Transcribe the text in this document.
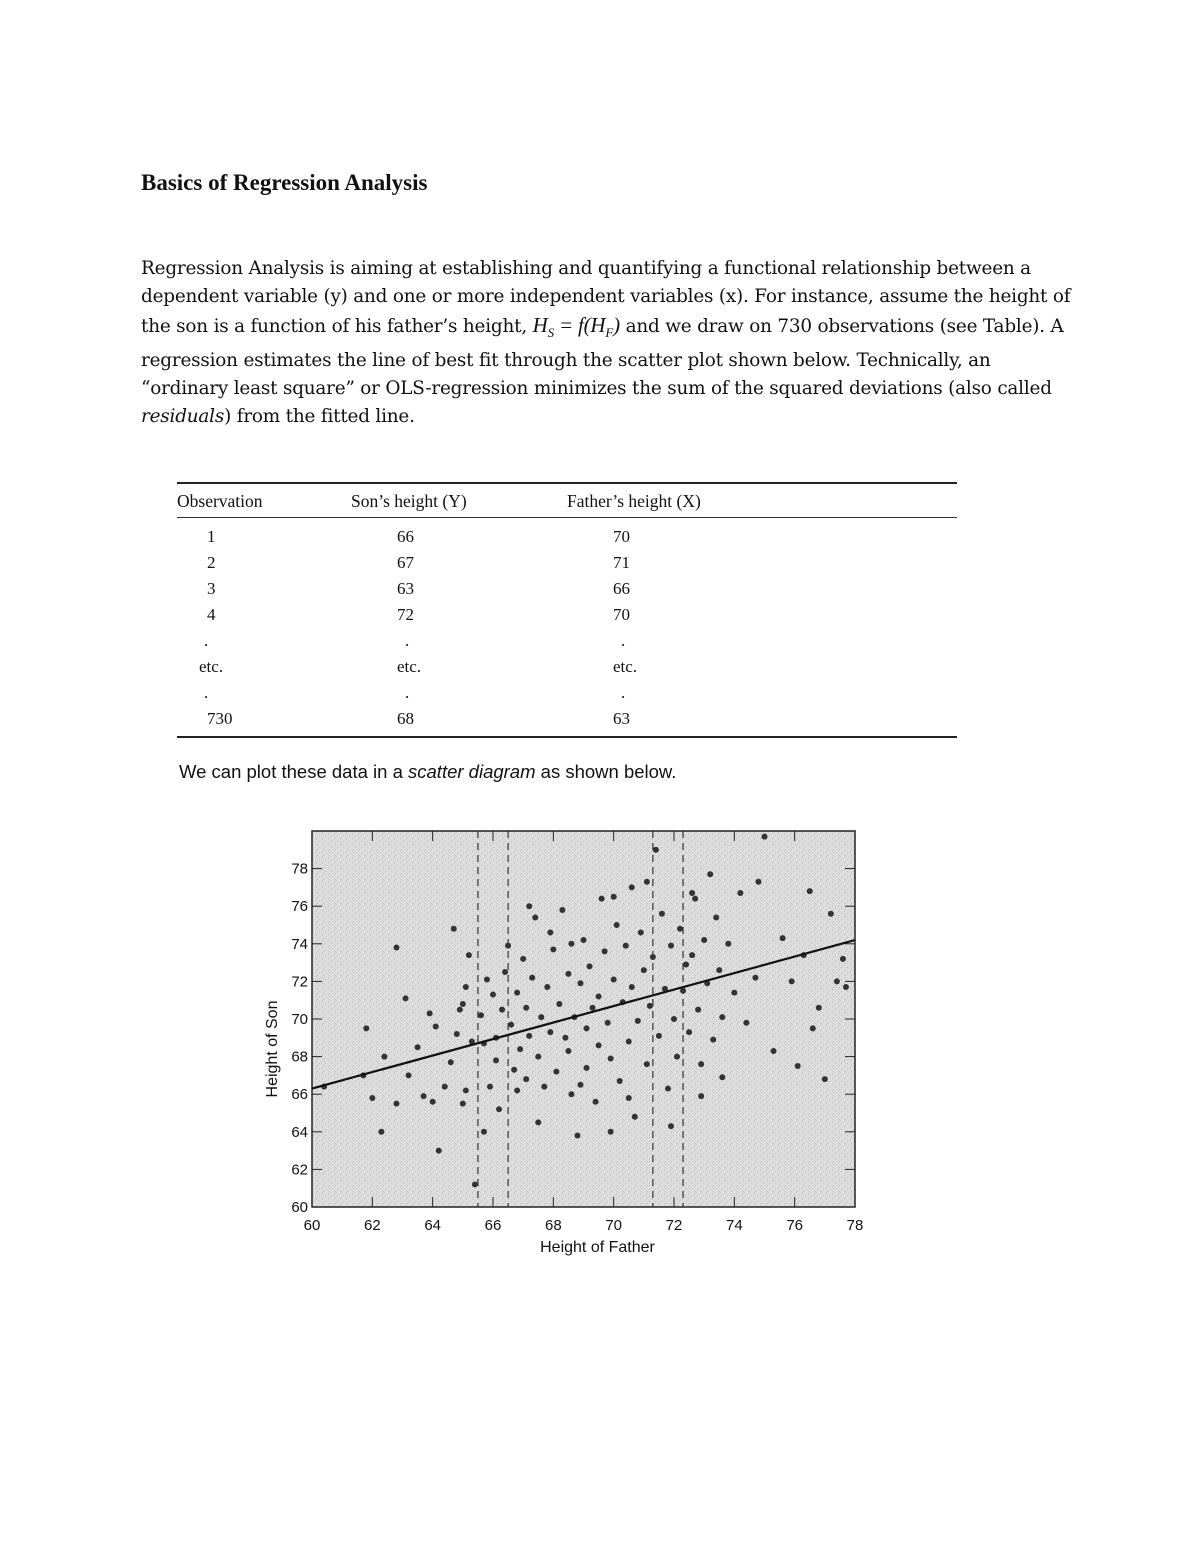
Basics of Regression Analysis

Regression Analysis is aiming at establishing and quantifying a functional relationship between a dependent variable (y) and one or more independent variables (x). For instance, assume the height of the son is a function of his father’s height, $H_S = f(H_F)$ and we draw on 730 observations (see Table). A regression estimates the line of best fit through the scatter plot shown below. Technically, an “ordinary least square” or OLS-regression minimizes the sum of the squared deviations (also called residuals) from the fitted line.

Observation	Son’s height (Y)	Father’s height (X)
1	66	70
2	67	71
3	63	66
4	72	70
.	.	.
etc.	etc.	etc.
.	.	.
730	68	63
We can plot these data in a scatter diagram as shown below.
60	62	64	66	68	70	72	74	76	78
60
62
64
66
68
70
72
74
76
78
Height of Father
Height of Son
